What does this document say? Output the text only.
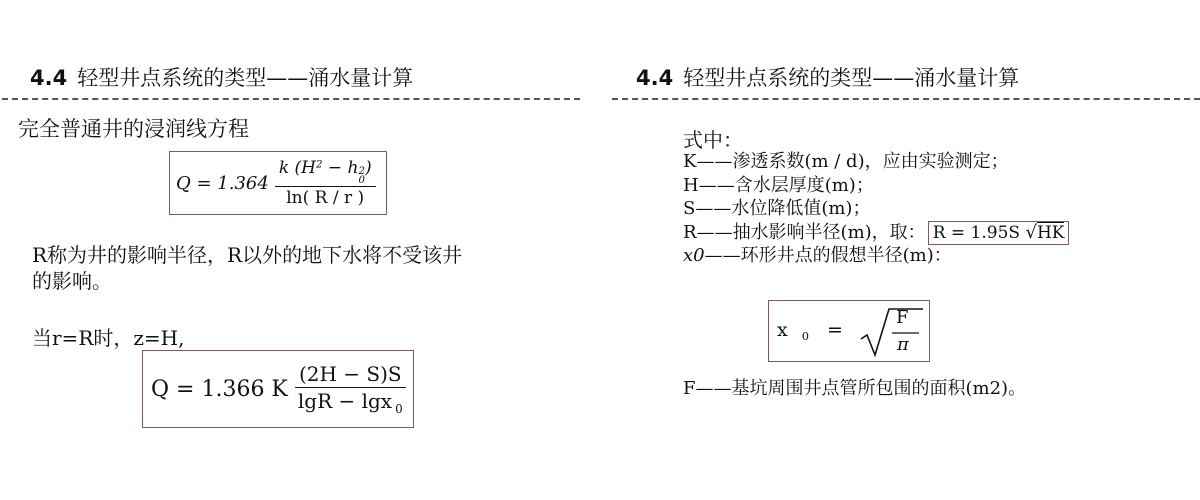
4.4 轻型井点系统的类型——涌水量计算
完全普通井的浸润线方程
Q = 1.364 k ($H^2 - h$ 2
0
)
ln( R / r )
R称为井的影响半径，R以外的地下水将不受该井
的影响。
当r=R时，z=H,
Q = 1.366 K $\frac{(2H - S)S}{\lg R - \lg x _0}$
4.4 轻型井点系统的类型——涌水量计算
式中：
K——渗透系数(m / d)，应由实验测定；
H——含水层厚度(m)；
S——水位降低值(m)；
R——抽水影响半径(m)，取： R = 1.95S √HK
x0——环形井点的假想半径(m)：
x $_0$ =
F
π
F——基坑周围井点管所包围的面积(m2)。
